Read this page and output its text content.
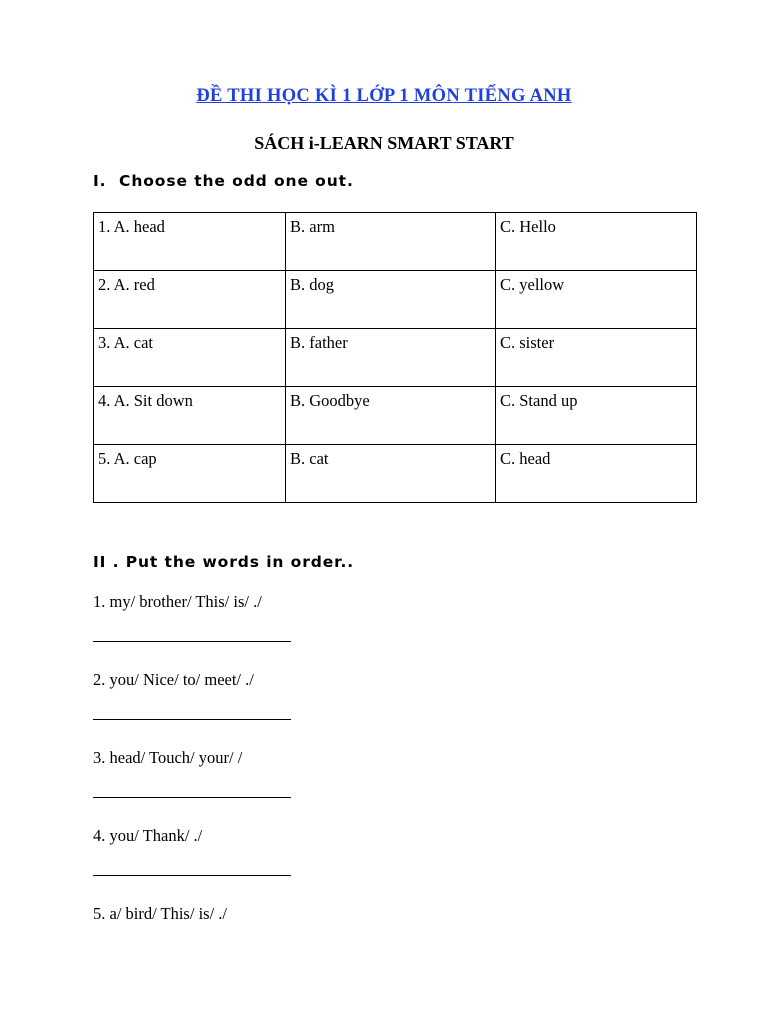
ĐỀ THI HỌC KÌ 1 LỚP 1 MÔN TIẾNG ANH
SÁCH i-LEARN SMART START
I.  Choose the odd one out.
1. A. head	B. arm	C. Hello
2. A. red	B. dog	C. yellow
3. A. cat	B. father	C. sister
4. A. Sit down	B. Goodbye	C. Stand up
5. A. cap	B. cat	C. head
II . Put the words in order..
1. my/ brother/ This/ is/ ./
2. you/ Nice/ to/ meet/ ./
3. head/ Touch/ your/ /
4. you/ Thank/ ./
5. a/ bird/ This/ is/ ./
